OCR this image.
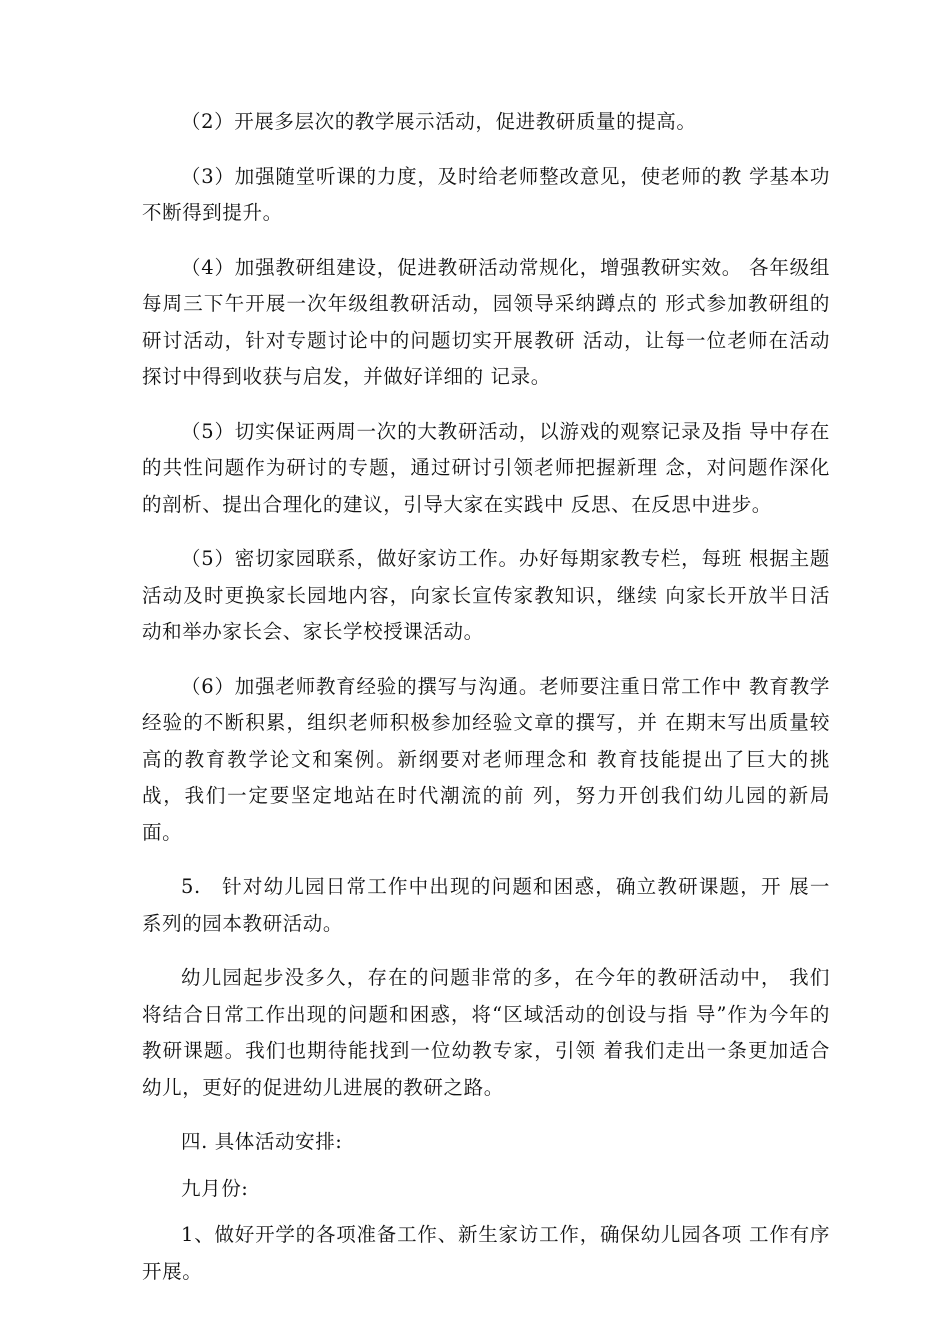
（2）开展多层次的教学展示活动，促进教研质量的提高。

（3）加强随堂听课的力度，及时给老师整改意见，使老师的教 学基本功不断得到提升。

（4）加强教研组建设，促进教研活动常规化，增强教研实效。 各年级组每周三下午开展一次年级组教研活动，园领导采纳蹲点的 形式参加教研组的研讨活动，针对专题讨论中的问题切实开展教研 活动，让每一位老师在活动探讨中得到收获与启发，并做好详细的 记录。

（5）切实保证两周一次的大教研活动，以游戏的观察记录及指 导中存在的共性问题作为研讨的专题，通过研讨引领老师把握新理 念，对问题作深化的剖析、提出合理化的建议，引导大家在实践中 反思、在反思中进步。

（5）密切家园联系，做好家访工作。办好每期家教专栏，每班 根据主题活动及时更换家长园地内容，向家长宣传家教知识，继续 向家长开放半日活动和举办家长会、家长学校授课活动。

（6）加强老师教育经验的撰写与沟通。老师要注重日常工作中 教育教学经验的不断积累，组织老师积极参加经验文章的撰写，并 在期末写出质量较高的教育教学论文和案例。新纲要对老师理念和 教育技能提出了巨大的挑战，我们一定要坚定地站在时代潮流的前 列，努力开创我们幼儿园的新局面。

5.　针对幼儿园日常工作中出现的问题和困惑，确立教研课题，开 展一系列的园本教研活动。

幼儿园起步没多久，存在的问题非常的多，在今年的教研活动中， 我们将结合日常工作出现的问题和困惑，将“区域活动的创设与指 导”作为今年的教研课题。我们也期待能找到一位幼教专家，引领 着我们走出一条更加适合幼儿，更好的促进幼儿进展的教研之路。

四. 具体活动安排:

九月份:

1、做好开学的各项准备工作、新生家访工作，确保幼儿园各项 工作有序开展。
